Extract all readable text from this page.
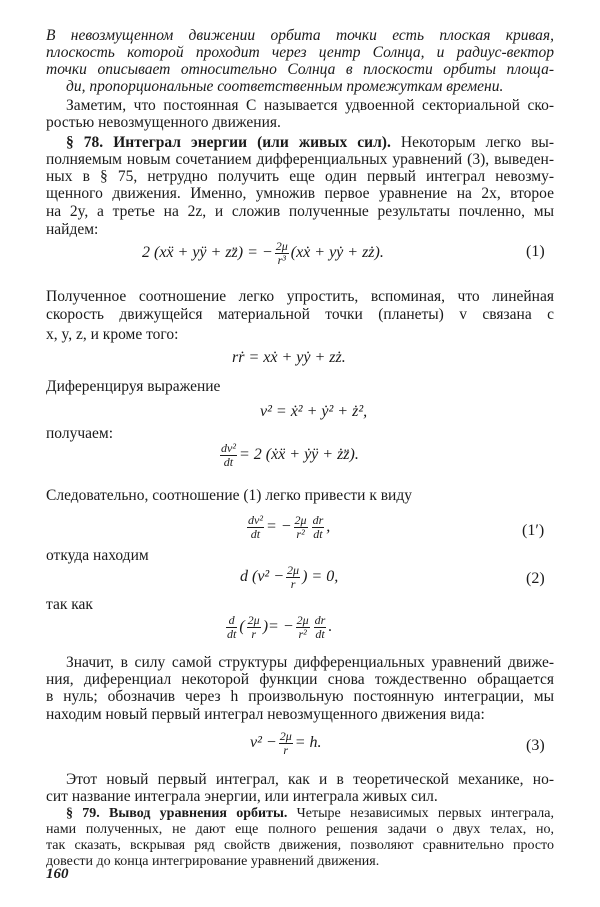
В невозмущенном движении орбита точки есть плоская кривая,
плоскость которой проходит через центр Солнца, и радиус-вектор
точки описывает относительно Солнца в плоскости орбиты площа-
ди, пропорциональные соответственным промежуткам времени.
Заметим, что постоянная C называется удвоенной секториальной ско-
ростью невозмущенного движения.
§ 78. Интеграл энергии (или живых сил). Некоторым легко вы-
полняемым новым сочетанием дифференциальных уравнений (3), выведен-
ных в § 75, нетрудно получить еще один первый интеграл невозму-
щенного движения. Именно, умножив первое уравнение на 2x, второе
на 2y, а третье на 2z, и сложив полученные результаты почленно, мы
найдем:
2 (xẍ + yÿ + zz̈) = − $\frac{2\mu}{\text{r³}}$ (xẋ + yẏ + zż).	(1)
Полученное соотношение легко упростить, вспоминая, что линейная
скорость движущейся материальной точки (планеты) v связана с
x, y, z, и кроме того:
rṙ = xẋ + yẏ + zż.
Диференцируя выражение
v² = ẋ² + ẏ² + ż²,
получаем:
$\frac{\text{dv²}}{dt} = 2$ (ẋẍ + ẏÿ + żz̈).
Следовательно, соотношение (1) легко привести к виду
$\frac{\text{dv²}}{dt}$ = − $\frac{2\mu}{\text{r²}} \frac{dr}{dt}$ ,	(1′)
откуда находим
d ($v^2 - \frac{2\mu}{r}$ ) = 0,	(2)
так как
$\frac{d}{dt}$ ( $\frac{2\mu}{r}$ )= − $\frac{2\mu}{\text{r²}} \frac{dr}{dt}$ .
Значит, в силу самой структуры дифференциальных уравнений движе-
ния, диференциал некоторой функции снова тождественно обращается
в нуль; обозначив через h произвольную постоянную интеграции, мы
находим новый первый интеграл невозмущенного движения вида:
$v^2 - \frac{2\mu}{r} = h$.	(3)
Этот новый первый интеграл, как и в теоретической механике, но-
сит название интеграла энергии, или интеграла живых сил.
§ 79. Вывод уравнения орбиты. Четыре независимых первых интеграла,
нами полученных, не дают еще полного решения задачи о двух телах, но,
так сказать, вскрывая ряд свойств движения, позволяют сравнительно просто
довести до конца интегрирование уравнений движения.
160
